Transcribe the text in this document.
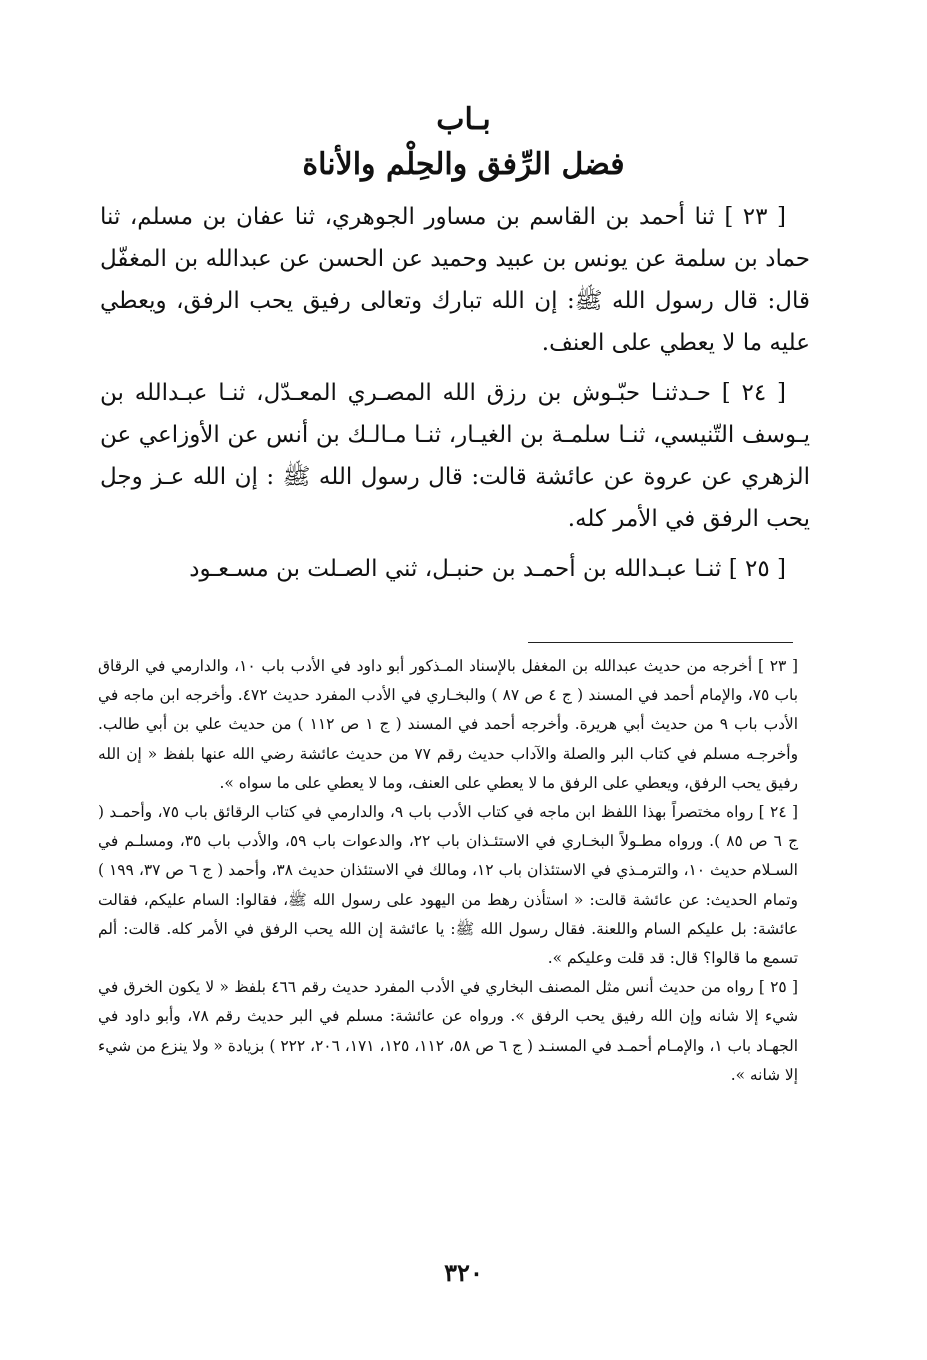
بـاب
فضل الرِّفق والحِلْم والأناة

[ ٢٣ ] ثنا أحمد بن القاسم بن مساور الجوهري، ثنا عفان بن مسلم، ثنا حماد بن سلمة عن يونس بن عبيد وحميد عن الحسن عن عبدالله بن المغفّل قال: قال رسول الله ﷺ: إن الله تبارك وتعالى رفيق يحب الرفق، ويعطي عليه ما لا يعطي على العنف.

[ ٢٤ ] حـدثنـا حبّـوش بن رزق الله المصـري المعـدّل، ثنـا عبـدالله بن يـوسف التّنيسي، ثنـا سلمـة بن الغيـار، ثنـا مـالـك بن أنس عن الأوزاعي عن الزهري عن عروة عن عائشة قالت: قال رسول الله ﷺ : إن الله عـز وجل يحب الرفق في الأمر كله.

[ ٢٥ ] ثنـا عبـدالله بن أحمـد بن حنبـل، ثني الصـلت بن مسـعـود

[ ٢٣ ] أخرجه من حديث عبدالله بن المغفل بالإسناد المـذكور أبو داود في الأدب باب ١٠، والدارمي في الرقاق باب ٧٥، والإمام أحمد في المسند ( ج ٤ ص ٨٧ ) والبخـاري في الأدب المفرد حديث ٤٧٢. وأخرجه ابن ماجه في الأدب باب ٩ من حديث أبي هريرة. وأخرجه أحمد في المسند ( ج ١ ص ١١٢ ) من حديث علي بن أبي طالب. وأخرجـه مسلم في كتاب البر والصلة والآداب حديث رقم ٧٧ من حديث عائشة رضي الله عنها بلفظ « إن الله رفيق يحب الرفق، ويعطي على الرفق ما لا يعطي على العنف، وما لا يعطي على ما سواه ».

[ ٢٤ ] رواه مختصراً بهذا اللفظ ابن ماجه في كتاب الأدب باب ٩، والدارمي في كتاب الرقائق باب ٧٥، وأحمـد ( ج ٦ ص ٨٥ ). ورواه مطـولاً البخـاري في الاستئـذان باب ٢٢، والدعوات باب ٥٩، والأدب باب ٣٥، ومسلـم في السـلام حديث ١٠، والترمـذي في الاستئذان باب ١٢، ومالك في الاستئذان حديث ٣٨، وأحمد ( ج ٦ ص ٣٧، ١٩٩ ) وتمام الحديث: عن عائشة قالت: « استأذن رهط من اليهود على رسول الله ﷺ، فقالوا: السام عليكم، فقالت عائشة: بل عليكم السام واللعنة. فقال رسول الله ﷺ: يا عائشة إن الله يحب الرفق في الأمر كله. قالت: ألم تسمع ما قالوا؟ قال: قد قلت وعليكم ».

[ ٢٥ ] رواه من حديث أنس مثل المصنف البخاري في الأدب المفرد حديث رقم ٤٦٦ بلفظ « لا يكون الخرق في شيء إلا شانه وإن الله رفيق يحب الرفق ». ورواه عن عائشة: مسلم في البر حديث رقم ٧٨، وأبو داود في الجهـاد باب ١، والإمـام أحمـد في المسنـد ( ج ٦ ص ٥٨، ١١٢، ١٢٥، ١٧١، ٢٠٦، ٢٢٢ ) بزيادة « ولا ينزع من شيء إلا شانه ».

٣٢٠
